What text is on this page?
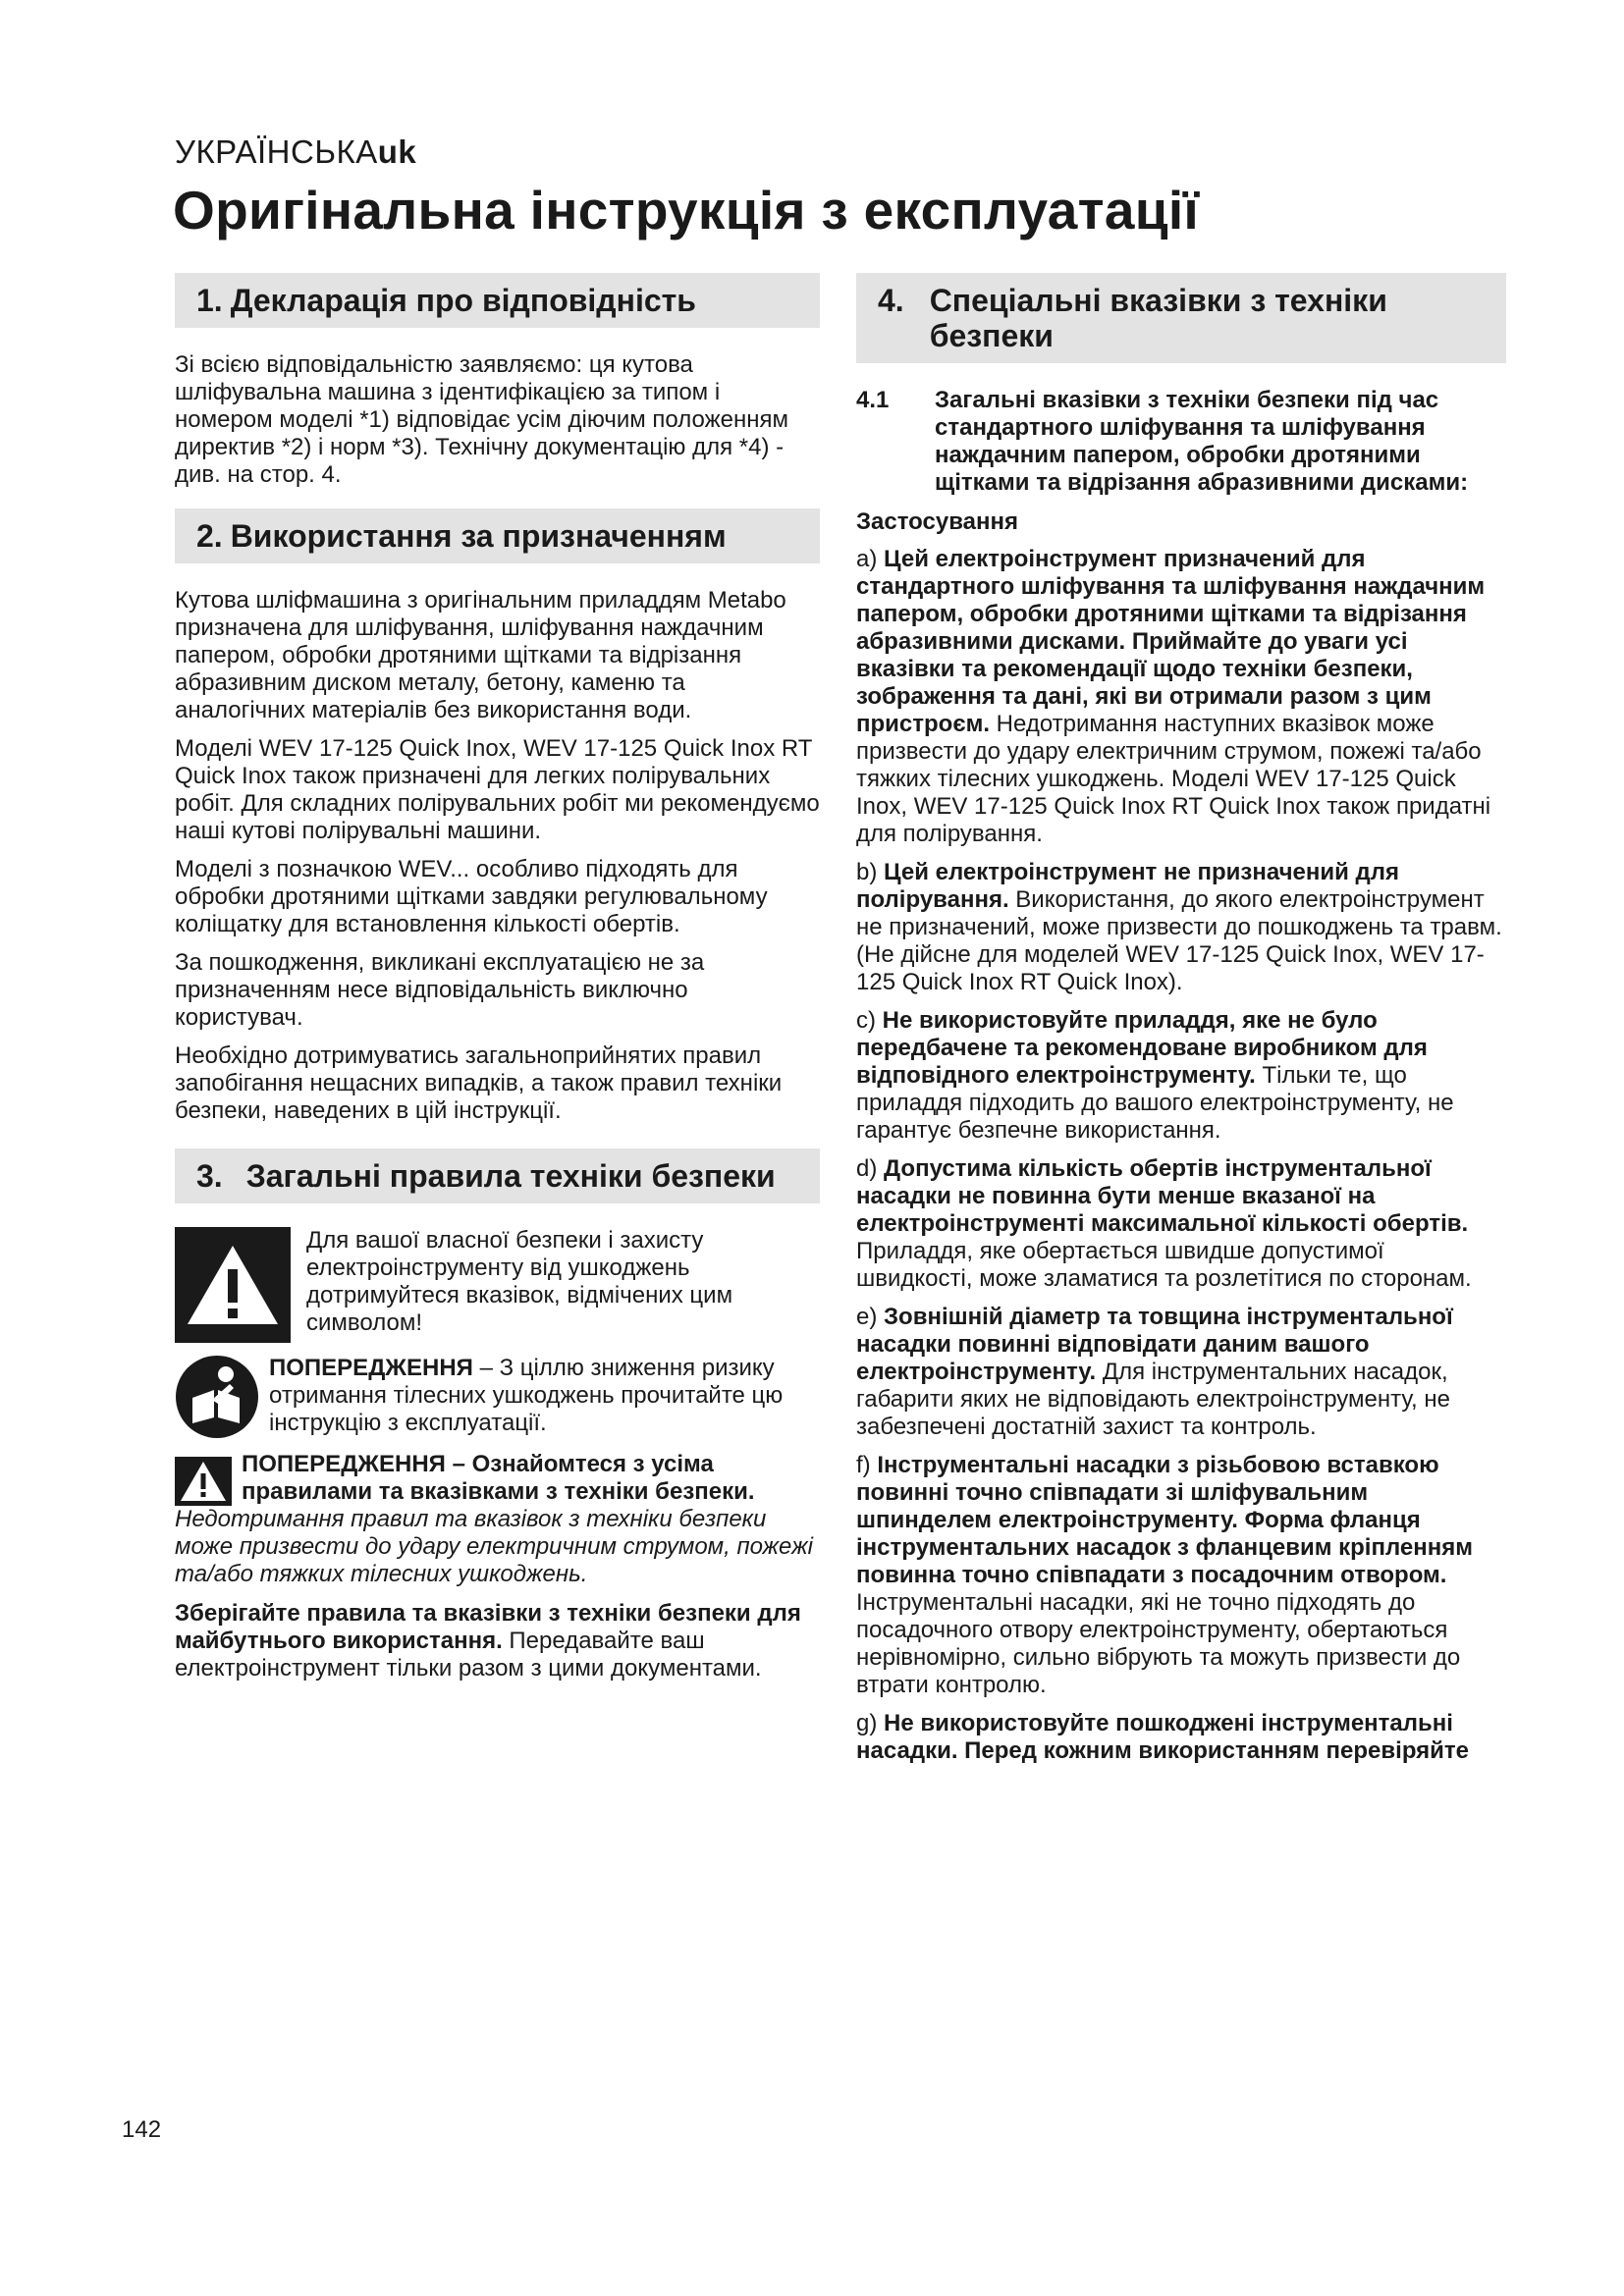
УКРАЇНСЬКАuk
Оригінальна інструкція з експлуатації
1. Декларація про відповідність

Зі всією відповідальністю заявляємо: ця кутова шліфувальна машина з ідентифікацією за типом і номером моделі *1) відповідає усім діючим положенням директив *2) і норм *3). Технічну документацію для *4) - див. на стор. 4.

2. Використання за призначенням

Кутова шліфмашина з оригінальним приладдям Metabo призначена для шліфування, шліфування наждачним папером, обробки дротяними щітками та відрізання абразивним диском металу, бетону, каменю та аналогічних матеріалів без використання води.

Моделі WEV 17-125 Quick Inox, WEV 17-125 Quick Inox RT Quick Inox також призначені для легких полірувальних робіт. Для складних полірувальних робіт ми рекомендуємо наші кутові полірувальні машини.

Моделі з позначкою WEV... особливо підходять для обробки дротяними щітками завдяки регулювальному коліщатку для встановлення кількості обертів.

За пошкодження, викликані експлуатацією не за призначенням несе відповідальність виключно користувач.

Необхідно дотримуватись загальноприйнятих правил запобігання нещасних випадків, а також правил техніки безпеки, наведених в цій інструкції.

3. Загальні правила техніки безпеки

Для вашої власної безпеки і захисту електроінструменту від ушкоджень дотримуйтеся вказівок, відмічених цим символом!

ПОПЕРЕДЖЕННЯ – З ціллю зниження ризику отримання тілесних ушкоджень прочитайте цю інструкцію з експлуатації.

ПОПЕРЕДЖЕННЯ – Ознайомтеся з усіма правилами та вказівками з техніки безпеки. Недотримання правил та вказівок з техніки безпеки може призвести до удару електричним струмом, пожежі та/або тяжких тілесних ушкоджень.

Зберігайте правила та вказівки з техніки безпеки для майбутнього використання. Передавайте ваш електроінструмент тільки разом з цими документами.

4. Спеціальні вказівки з техніки безпеки
4.1	Загальні вказівки з техніки безпеки під час стандартного шліфування та шліфування наждачним папером, обробки дротяними щітками та відрізання абразивними дисками:
Застосування

a) Цей електроінструмент призначений для стандартного шліфування та шліфування наждачним папером, обробки дротяними щітками та відрізання абразивними дисками. Приймайте до уваги усі вказівки та рекомендації щодо техніки безпеки, зображення та дані, які ви отримали разом з цим пристроєм. Недотримання наступних вказівок може призвести до удару електричним струмом, пожежі та/або тяжких тілесних ушкоджень. Моделі WEV 17-125 Quick Inox, WEV 17-125 Quick Inox RT Quick Inox також придатні для полірування.

b) Цей електроінструмент не призначений для полірування. Використання, до якого електроінструмент не призначений, може призвести до пошкоджень та травм. (Не дійсне для моделей WEV 17-125 Quick Inox, WEV 17-125 Quick Inox RT Quick Inox).

c) Не використовуйте приладдя, яке не було передбачене та рекомендоване виробником для відповідного електроінструменту. Тільки те, що приладдя підходить до вашого електроінструменту, не гарантує безпечне використання.

d) Допустима кількість обертів інструментальної насадки не повинна бути менше вказаної на електроінструменті максимальної кількості обертів. Приладдя, яке обертається швидше допустимої швидкості, може зламатися та розлетітися по сторонам.

e) Зовнішній діаметр та товщина інструментальної насадки повинні відповідати даним вашого електроінструменту. Для інструментальних насадок, габарити яких не відповідають електроінструменту, не забезпечені достатній захист та контроль.

f) Інструментальні насадки з різьбовою вставкою повинні точно співпадати зі шліфувальним шпинделем електроінструменту. Форма фланця інструментальних насадок з фланцевим кріпленням повинна точно співпадати з посадочним отвором. Інструментальні насадки, які не точно підходять до посадочного отвору електроінструменту, обертаються нерівномірно, сильно вібрують та можуть призвести до втрати контролю.

g) Не використовуйте пошкоджені інструментальні насадки. Перед кожним використанням перевіряйте

142
